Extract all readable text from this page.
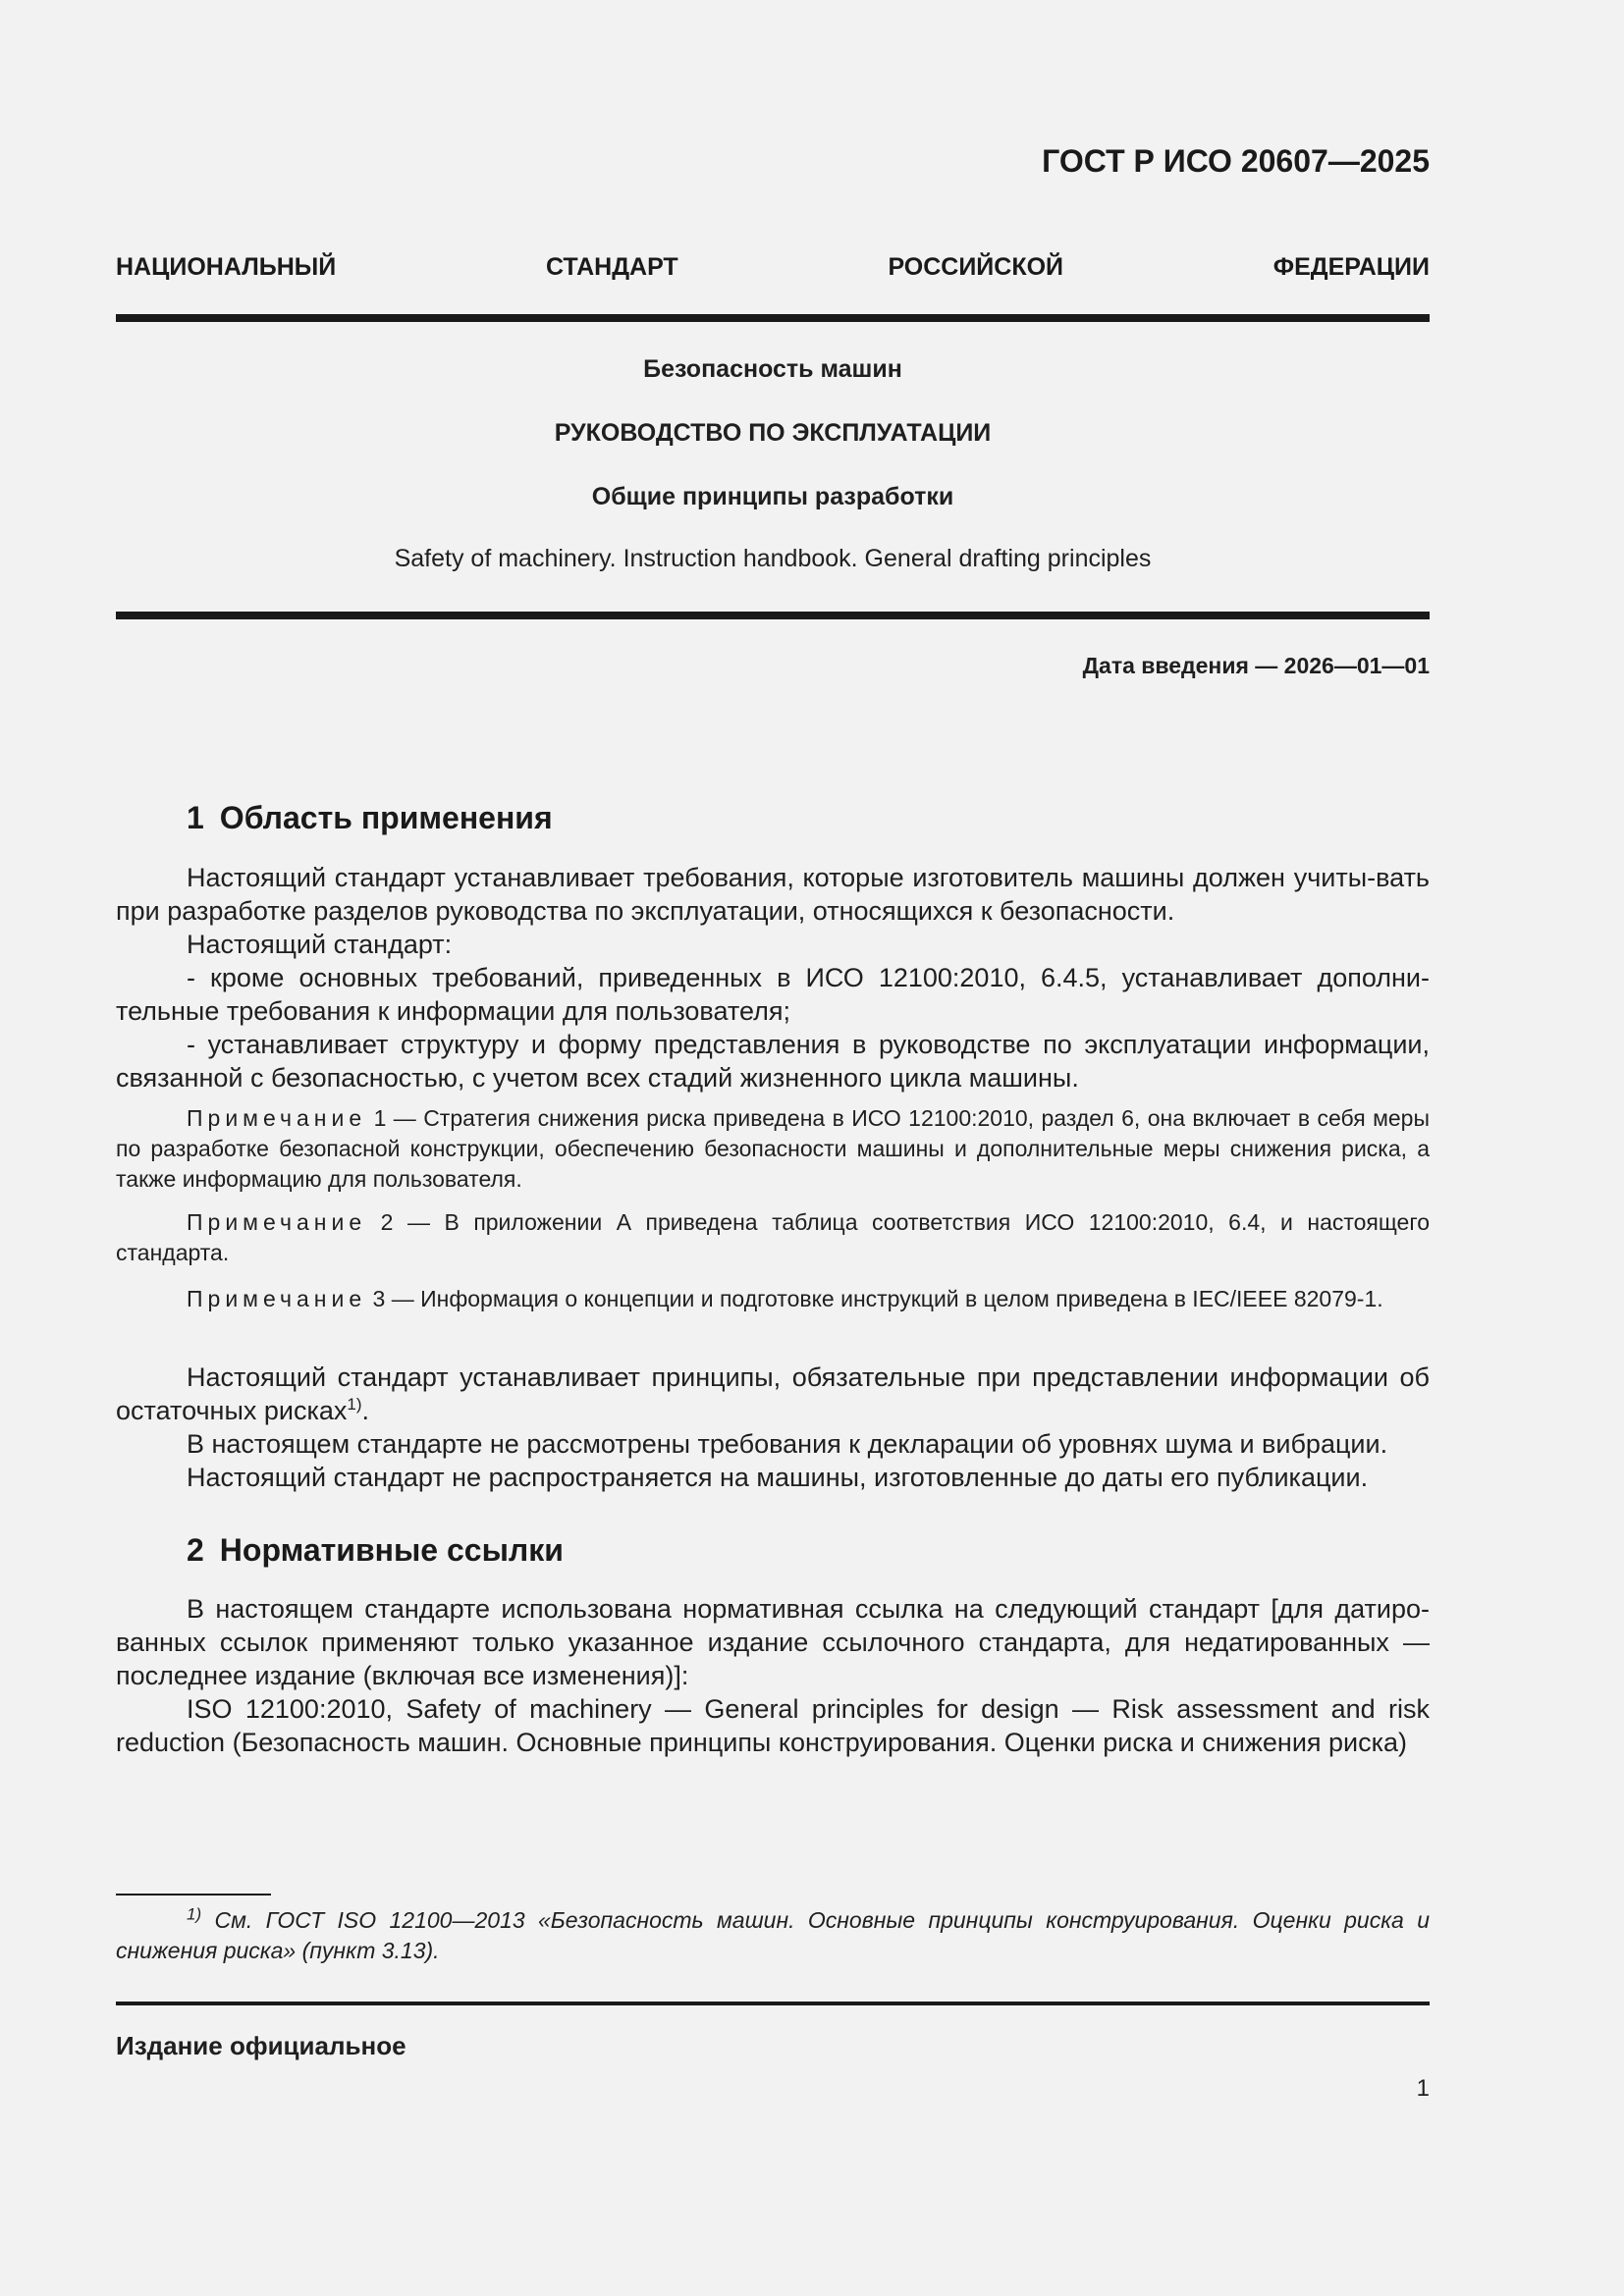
ГОСТ Р ИСО 20607—2025
НАЦИОНАЛЬНЫЙ СТАНДАРТ РОССИЙСКОЙ ФЕДЕРАЦИИ
Безопасность машин
РУКОВОДСТВО ПО ЭКСПЛУАТАЦИИ
Общие принципы разработки
Safety of machinery. Instruction handbook. General drafting principles
Дата введения — 2026—01—01
1 Область применения

Настоящий стандарт устанавливает требования, которые изготовитель машины должен учиты-вать при разработке разделов руководства по эксплуатации, относящихся к безопасности.

Настоящий стандарт:

- кроме основных требований, приведенных в ИСО 12100:2010, 6.4.5, устанавливает дополни-тельные требования к информации для пользователя;

- устанавливает структуру и форму представления в руководстве по эксплуатации информации, связанной с безопасностью, с учетом всех стадий жизненного цикла машины.

Примечание 1 — Стратегия снижения риска приведена в ИСО 12100:2010, раздел 6, она включает в себя меры по разработке безопасной конструкции, обеспечению безопасности машины и дополнительные меры снижения риска, а также информацию для пользователя.

Примечание 2 — В приложении А приведена таблица соответствия ИСО 12100:2010, 6.4, и настоящего стандарта.

Примечание 3 — Информация о концепции и подготовке инструкций в целом приведена в IEC/IEEE 82079-1.

Настоящий стандарт устанавливает принципы, обязательные при представлении информации об остаточных рисках$^{1)}$.

В настоящем стандарте не рассмотрены требования к декларации об уровнях шума и вибрации.

Настоящий стандарт не распространяется на машины, изготовленные до даты его публикации.

2 Нормативные ссылки

В настоящем стандарте использована нормативная ссылка на следующий стандарт [для датиро-ванных ссылок применяют только указанное издание ссылочного стандарта, для недатированных — последнее издание (включая все изменения)]:

ISO 12100:2010, Safety of machinery — General principles for design — Risk assessment and risk reduction (Безопасность машин. Основные принципы конструирования. Оценки риска и снижения риска)

$^{1)}$ См. ГОСТ ISO 12100—2013 «Безопасность машин. Основные принципы конструирования. Оценки риска и снижения риска» (пункт 3.13).

Издание официальное
1
